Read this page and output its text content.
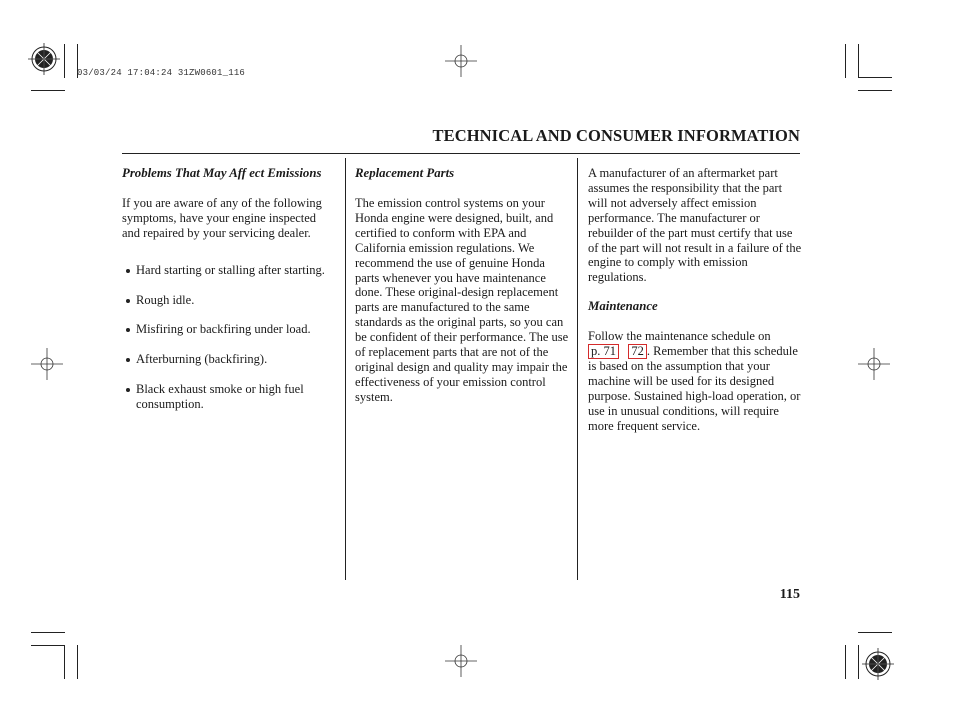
03/03/24 17:04:24 31ZW0601_116
TECHNICAL AND CONSUMER INFORMATION

Problems That May Aff ect Emissions

If you are aware of any of the following symptoms, have your engine inspected and repaired by your servicing dealer.

Hard starting or stalling after starting.
Rough idle.
Misfiring or backfiring under load.
Afterburning (backfiring).
Black exhaust smoke or high fuel consumption.

Replacement Parts

The emission control systems on your Honda engine were designed, built, and certified to conform with EPA and California emission regulations. We recommend the use of genuine Honda parts whenever you have maintenance done. These original-design replacement parts are manufactured to the same standards as the original parts, so you can be confident of their performance. The use of replacement parts that are not of the original design and quality may impair the effectiveness of your emission control system.

A manufacturer of an aftermarket part assumes the responsibility that the part will not adversely affect emission performance. The manufacturer or rebuilder of the part must certify that use of the part will not result in a failure of the engine to comply with emission regulations.

Maintenance

Follow the maintenance schedule on
p. 71 72 . Remember that this schedule is based on the assumption that your machine will be used for its designed purpose. Sustained high-load operation, or use in unusual conditions, will require more frequent service.

115
